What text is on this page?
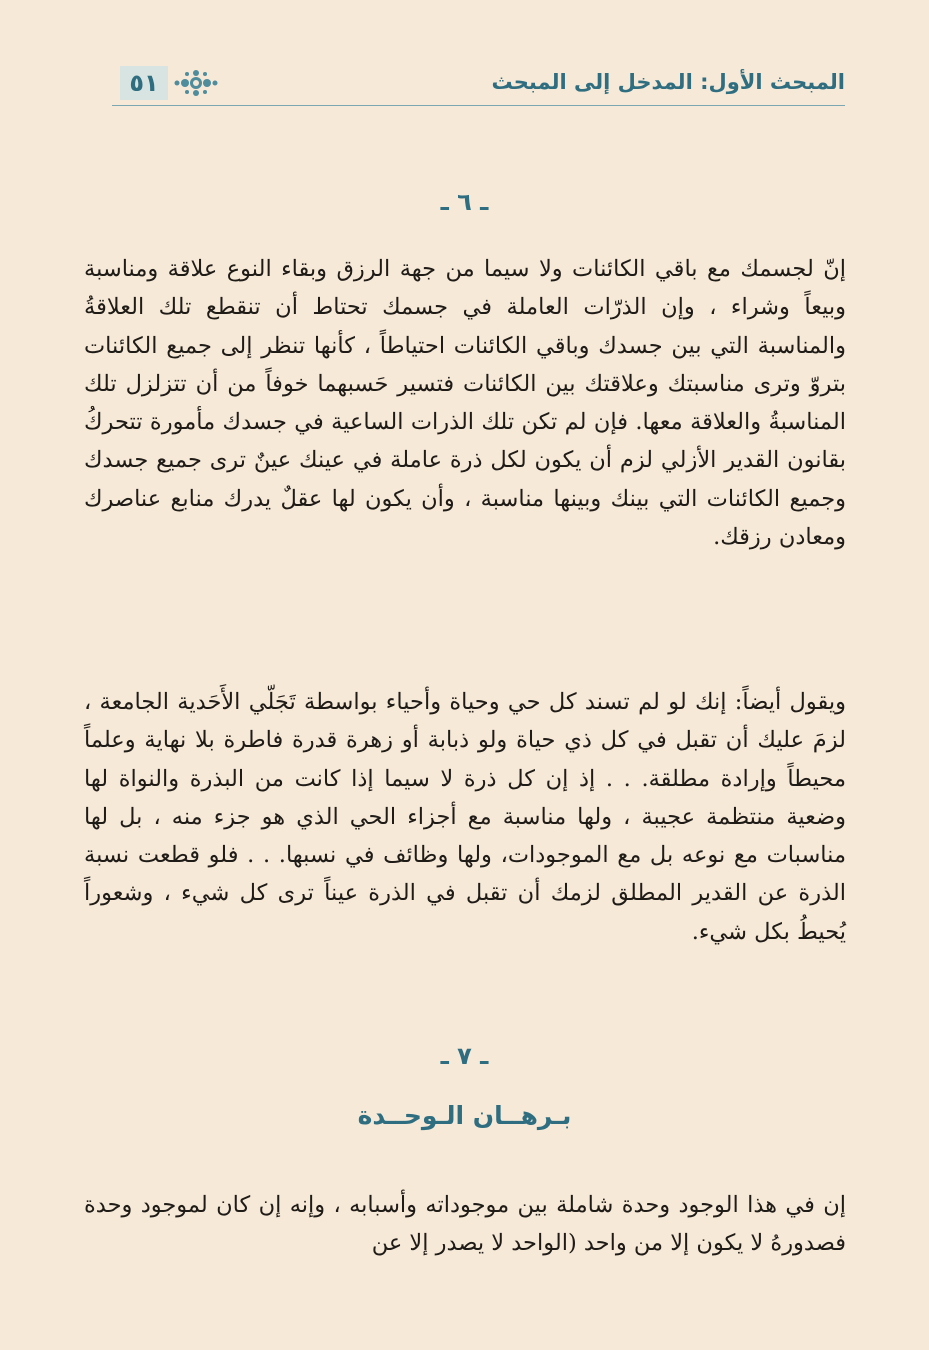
٥١	المبحث الأول: المدخل إلى المبحث
ـ ٦ ـ
إنّ لجسمك مع باقي الكائنات ولا سيما من جهة الرزق وبقاء النوع علاقة ومناسبة وبيعاً وشراء ، وإن الذرّات العاملة في جسمك تحتاط أن تنقطع تلك العلاقةُ والمناسبة التي بين جسدك وباقي الكائنات احتياطاً ، كأنها تنظر إلى جميع الكائنات بتروّ وترى مناسبتك وعلاقتك بين الكائنات فتسير حَسبهما خوفاً من أن تتزلزل تلك المناسبةُ والعلاقة معها. فإن لم تكن تلك الذرات الساعية في جسدك مأمورة تتحركُ بقانون القدير الأزلي لزم أن يكون لكل ذرة عاملة في عينك عينٌ ترى جميع جسدك وجميع الكائنات التي بينك وبينها مناسبة ، وأن يكون لها عقلٌ يدرك منابع عناصرك ومعادن رزقك.
ويقول أيضاً: إنك لو لم تسند كل حي وحياة وأحياء بواسطة تَجَلّي الأَحَدية الجامعة ، لزمَ عليك أن تقبل في كل ذي حياة ولو ذبابة أو زهرة قدرة فاطرة بلا نهاية وعلماً محيطاً وإرادة مطلقة. . . إذ إن كل ذرة لا سيما إذا كانت من البذرة والنواة لها وضعية منتظمة عجيبة ، ولها مناسبة مع أجزاء الحي الذي هو جزء منه ، بل لها مناسبات مع نوعه بل مع الموجودات، ولها وظائف في نسبها. . . فلو قطعت نسبة الذرة عن القدير المطلق لزمك أن تقبل في الذرة عيناً ترى كل شيء ، وشعوراً يُحيطُ بكل شيء.
ـ ٧ ـ
بـرهــان الـوحــدة
إن في هذا الوجود وحدة شاملة بين موجوداته وأسبابه ، وإنه إن كان لموجود وحدة فصدورهُ لا يكون إلا من واحد (الواحد لا يصدر إلا عن
